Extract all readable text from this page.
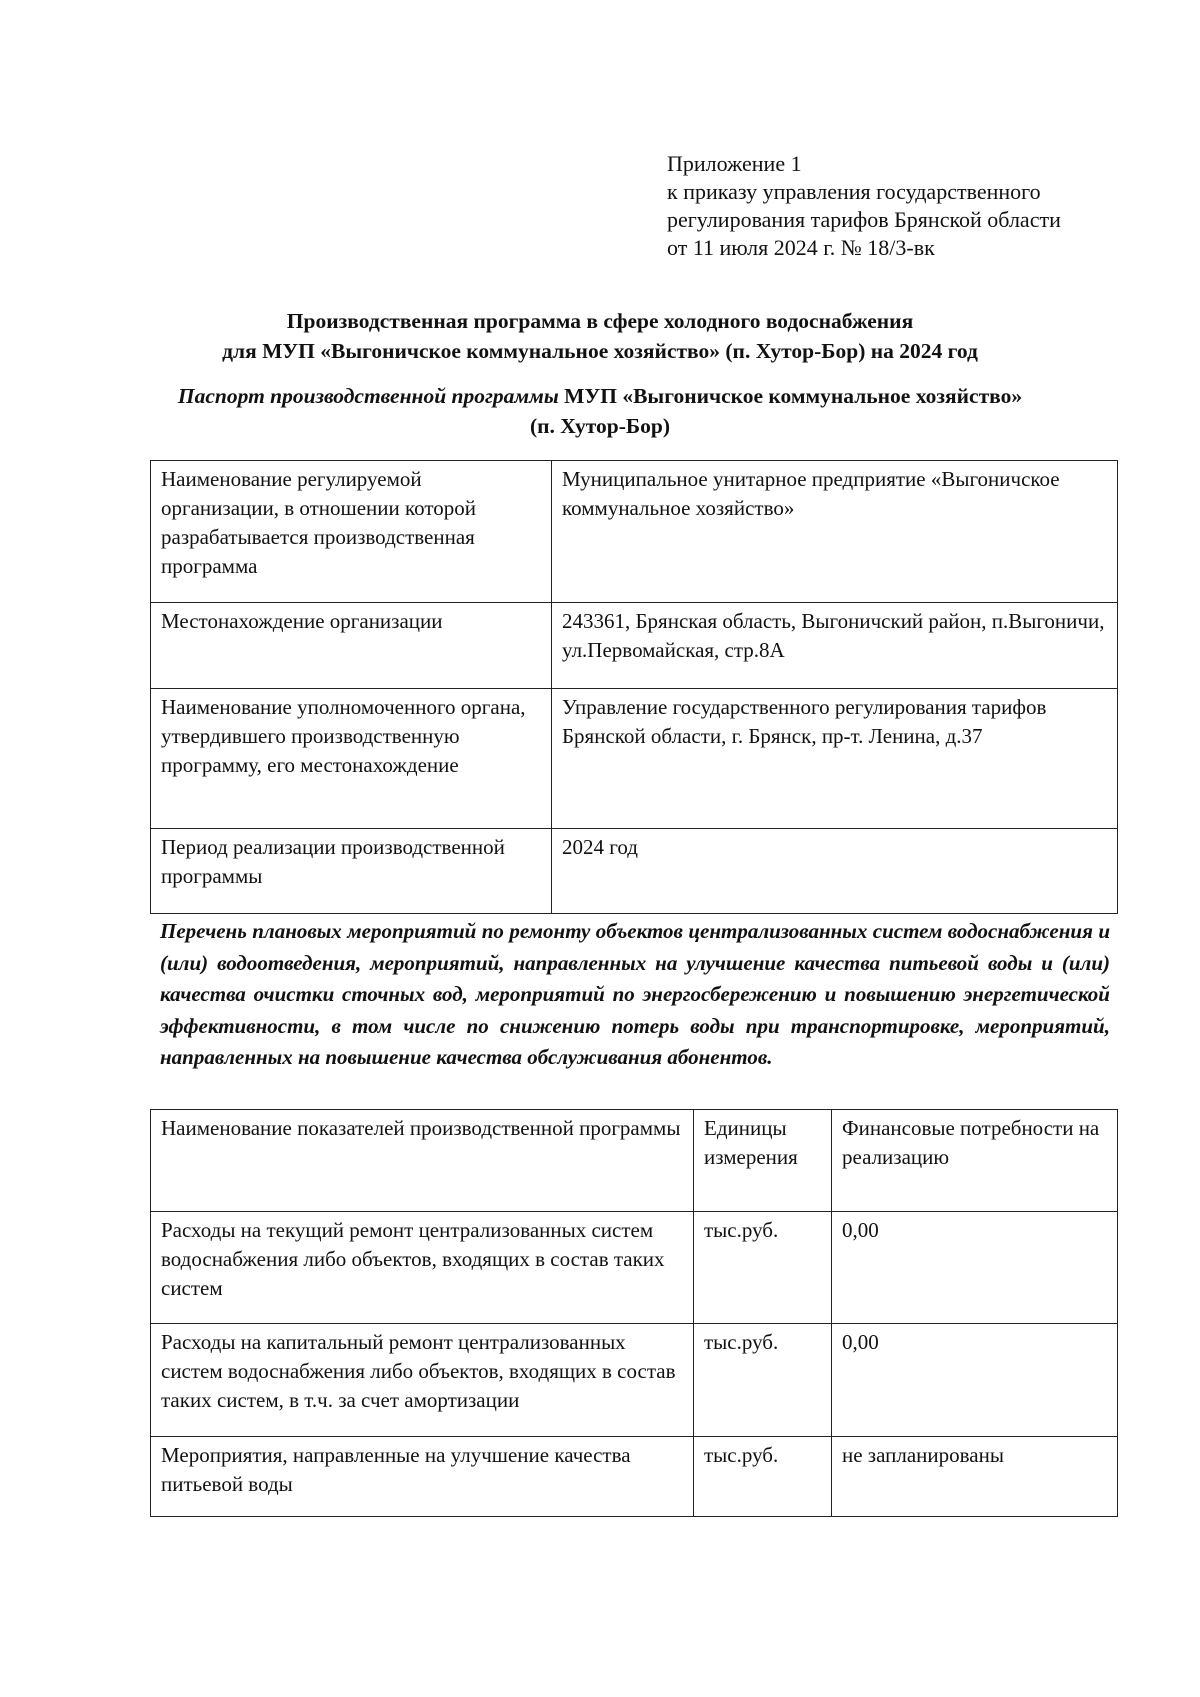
Приложение 1
к приказу управления государственного
регулирования тарифов Брянской области
от 11 июля 2024 г. № 18/3-вк
Производственная программа в сфере холодного водоснабжения
для МУП «Выгоничское коммунальное хозяйство» (п. Хутор-Бор) на 2024 год
Паспорт производственной программы МУП «Выгоничское коммунальное хозяйство»
(п. Хутор-Бор)
Наименование регулируемой организации, в отношении которой разрабатывается производственная программа	Муниципальное унитарное предприятие «Выгоничское коммунальное хозяйство»
Местонахождение организации	243361, Брянская область, Выгоничский район, п.Выгоничи, ул.Первомайская, стр.8А
Наименование уполномоченного органа, утвердившего производственную программу, его местонахождение	Управление государственного регулирования тарифов Брянской области, г. Брянск, пр-т. Ленина, д.37
Период реализации производственной программы	2024 год
Перечень плановых мероприятий по ремонту объектов централизованных систем водоснабжения и (или) водоотведения, мероприятий, направленных на улучшение качества питьевой воды и (или) качества очистки сточных вод, мероприятий по энергосбережению и повышению энергетической эффективности, в том числе по снижению потерь воды при транспортировке, мероприятий, направленных на повышение качества обслуживания абонентов.
Наименование показателей производственной программы	Единицы измерения	Финансовые потребности на реализацию
Расходы на текущий ремонт централизованных систем водоснабжения либо объектов, входящих в состав таких систем	тыс.руб.	0,00
Расходы на капитальный ремонт централизованных систем водоснабжения либо объектов, входящих в состав таких систем, в т.ч. за счет амортизации	тыс.руб.	0,00
Мероприятия, направленные на улучшение качества питьевой воды	тыс.руб.	не запланированы
